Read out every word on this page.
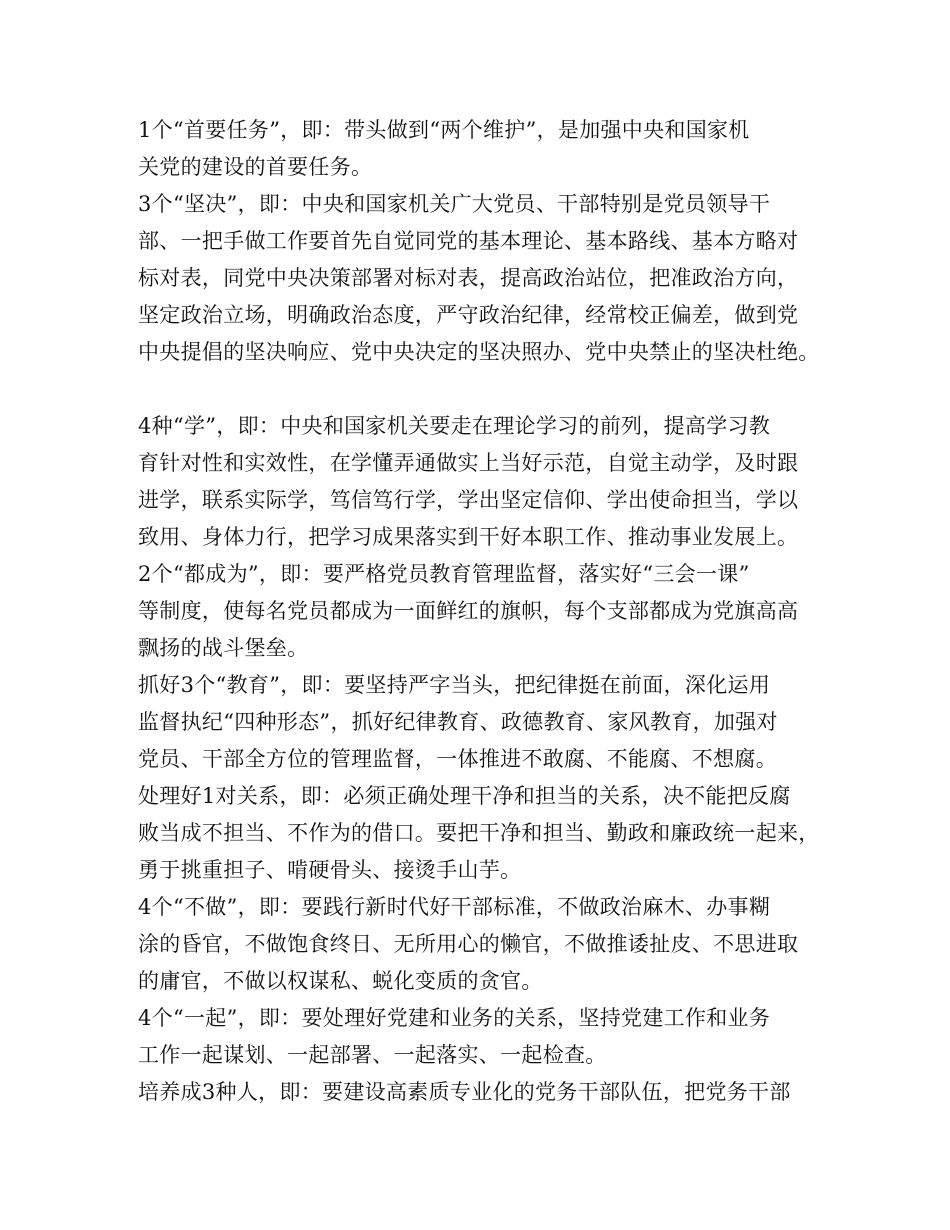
1个“首要任务”，即：带头做到“两个维护”，是加强中央和国家机
关党的建设的首要任务。
3个“坚决”，即：中央和国家机关广大党员、干部特别是党员领导干
部、一把手做工作要首先自觉同党的基本理论、基本路线、基本方略对
标对表，同党中央决策部署对标对表，提高政治站位，把准政治方向，
坚定政治立场，明确政治态度，严守政治纪律，经常校正偏差，做到党
中央提倡的坚决响应、党中央决定的坚决照办、党中央禁止的坚决杜绝。
4种“学”，即：中央和国家机关要走在理论学习的前列，提高学习教
育针对性和实效性，在学懂弄通做实上当好示范，自觉主动学，及时跟
进学，联系实际学，笃信笃行学，学出坚定信仰、学出使命担当，学以
致用、身体力行，把学习成果落实到干好本职工作、推动事业发展上。
2个“都成为”，即：要严格党员教育管理监督，落实好“三会一课”
等制度，使每名党员都成为一面鲜红的旗帜，每个支部都成为党旗高高
飘扬的战斗堡垒。
抓好3个“教育”，即：要坚持严字当头，把纪律挺在前面，深化运用
监督执纪“四种形态”，抓好纪律教育、政德教育、家风教育，加强对
党员、干部全方位的管理监督，一体推进不敢腐、不能腐、不想腐。
处理好1对关系，即：必须正确处理干净和担当的关系，决不能把反腐
败当成不担当、不作为的借口。要把干净和担当、勤政和廉政统一起来，
勇于挑重担子、啃硬骨头、接烫手山芋。
4个“不做”，即：要践行新时代好干部标准，不做政治麻木、办事糊
涂的昏官，不做饱食终日、无所用心的懒官，不做推诿扯皮、不思进取
的庸官，不做以权谋私、蜕化变质的贪官。
4个“一起”，即：要处理好党建和业务的关系，坚持党建工作和业务
工作一起谋划、一起部署、一起落实、一起检查。
培养成3种人，即：要建设高素质专业化的党务干部队伍，把党务干部
